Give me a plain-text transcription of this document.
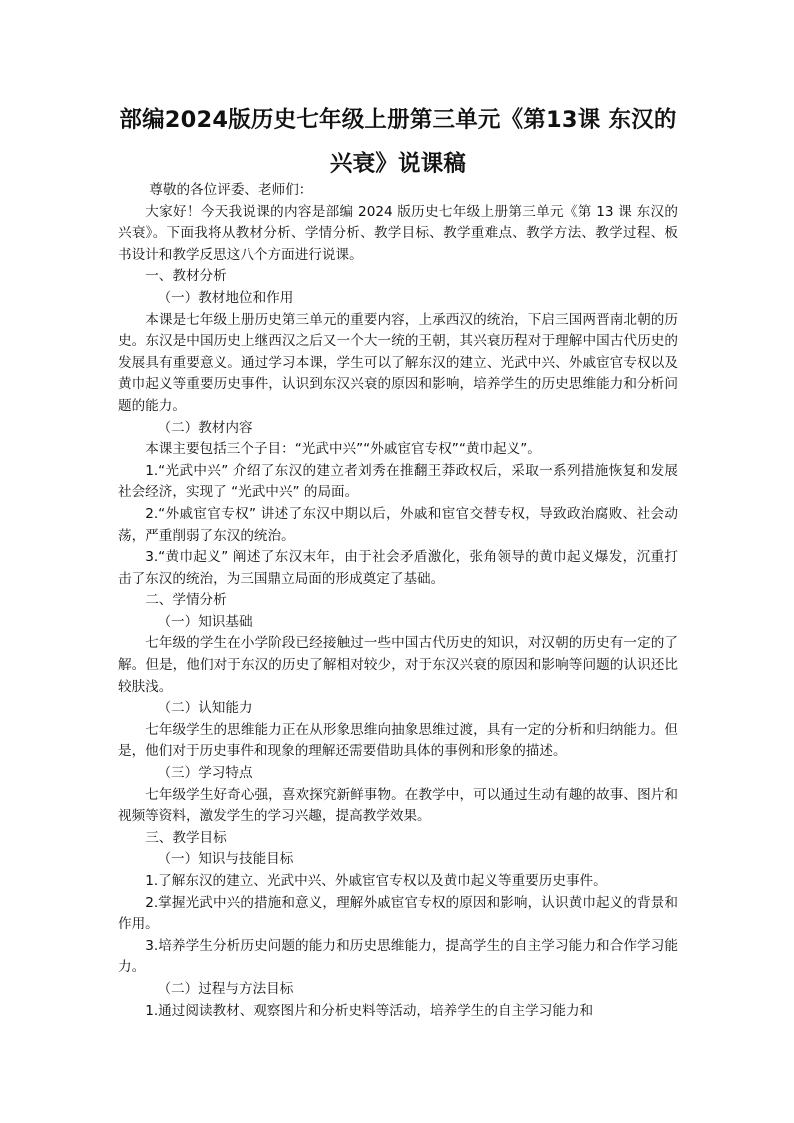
部编2024版历史七年级上册第三单元《第13课 东汉的兴衰》说课稿

尊敬的各位评委、老师们：

大家好！今天我说课的内容是部编 2024 版历史七年级上册第三单元《第 13 课 东汉的兴衰》。下面我将从教材分析、学情分析、教学目标、教学重难点、教学方法、教学过程、板书设计和教学反思这八个方面进行说课。

一、教材分析

（一）教材地位和作用

本课是七年级上册历史第三单元的重要内容，上承西汉的统治，下启三国两晋南北朝的历史。东汉是中国历史上继西汉之后又一个大一统的王朝，其兴衰历程对于理解中国古代历史的发展具有重要意义。通过学习本课，学生可以了解东汉的建立、光武中兴、外戚宦官专权以及黄巾起义等重要历史事件，认识到东汉兴衰的原因和影响，培养学生的历史思维能力和分析问题的能力。

（二）教材内容

本课主要包括三个子目：“光武中兴”“外戚宦官专权”“黄巾起义”。

1.“光武中兴” 介绍了东汉的建立者刘秀在推翻王莽政权后，采取一系列措施恢复和发展社会经济，实现了 “光武中兴” 的局面。

2.“外戚宦官专权” 讲述了东汉中期以后，外戚和宦官交替专权，导致政治腐败、社会动荡，严重削弱了东汉的统治。

3.“黄巾起义” 阐述了东汉末年，由于社会矛盾激化，张角领导的黄巾起义爆发，沉重打击了东汉的统治，为三国鼎立局面的形成奠定了基础。

二、学情分析

（一）知识基础

七年级的学生在小学阶段已经接触过一些中国古代历史的知识，对汉朝的历史有一定的了解。但是，他们对于东汉的历史了解相对较少，对于东汉兴衰的原因和影响等问题的认识还比较肤浅。

（二）认知能力

七年级学生的思维能力正在从形象思维向抽象思维过渡，具有一定的分析和归纳能力。但是，他们对于历史事件和现象的理解还需要借助具体的事例和形象的描述。

（三）学习特点

七年级学生好奇心强，喜欢探究新鲜事物。在教学中，可以通过生动有趣的故事、图片和视频等资料，激发学生的学习兴趣，提高教学效果。

三、教学目标

（一）知识与技能目标

1.了解东汉的建立、光武中兴、外戚宦官专权以及黄巾起义等重要历史事件。

2.掌握光武中兴的措施和意义，理解外戚宦官专权的原因和影响，认识黄巾起义的背景和作用。

3.培养学生分析历史问题的能力和历史思维能力，提高学生的自主学习能力和合作学习能力。

（二）过程与方法目标

1.通过阅读教材、观察图片和分析史料等活动，培养学生的自主学习能力和
